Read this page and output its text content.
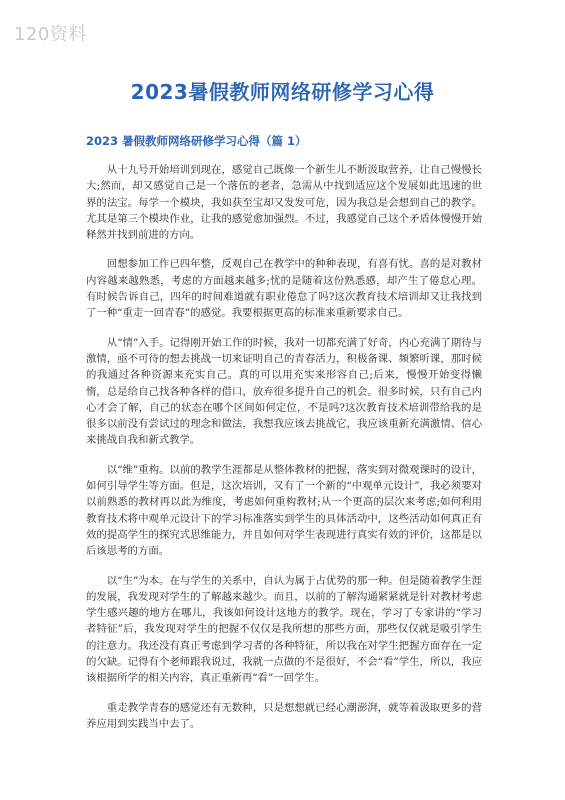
120资料
2023暑假教师网络研修学习心得
2023 暑假教师网络研修学习心得（篇 1）

从十九号开始培训到现在，感觉自己既像一个新生儿不断汲取营养，让自己慢慢长大;然而，却又感觉自己是一个落伍的老者，急需从中找到适应这个发展如此迅速的世界的法宝。每学一个模块，我如获至宝却又发发可危，因为我总是会想到自己的教学。尤其是第三个模块作业，让我的感觉愈加强烈。不过，我感觉自己这个矛盾体慢慢开始释然并找到前进的方向。

回想参加工作已四年整，反观自己在教学中的种种表现，有喜有忧。喜的是对教材内容越来越熟悉，考虑的方面越来越多;忧的是随着这份熟悉感，却产生了倦怠心理。有时候告诉自己，四年的时间难道就有职业倦怠了吗?这次教育技术培训却又让我找到了一种“重走一回青春”的感觉。我要根据更高的标准来重新要求自己。

从“情”入手。记得刚开始工作的时候，我对一切都充满了好奇，内心充满了期待与激情，亟不可待的想去挑战一切来证明自己的青春活力，积极备课、频繁听课，那时候的我通过各种资源来充实自己。真的可以用充实来形容自己;后来，慢慢开始变得懒惰，总是给自己找各种各样的借口，放弃很多提升自己的机会。很多时候，只有自己内心才会了解，自己的状态在哪个区间如何定位，不是吗?这次教育技术培训带给我的是很多以前没有尝试过的理念和做法，我想我应该去挑战它，我应该重新充满激情、信心来挑战自我和新式教学。

以“维”重构。以前的教学生涯都是从整体教材的把握，落实到对微观课时的设计，如何引导学生等方面。但是，这次培训，又有了一个新的“中观单元设计”，我必须要对以前熟悉的教材再以此为维度，考虑如何重构教材;从一个更高的层次来考虑;如何利用教育技术将中观单元设计下的学习标准落实到学生的具体活动中，这些活动如何真正有效的提高学生的探究式思维能力，并且如何对学生表现进行真实有效的评价，这都是以后该思考的方面。

以“生”为本。在与学生的关系中，自认为属于占优势的那一种。但是随着教学生涯的发展，我发现对学生的了解越来越少。而且，以前的了解沟通紧紧就是针对教材考虑学生感兴趣的地方在哪儿，我该如何设计这地方的教学。现在，学习了专家讲的“学习者特征”后，我发现对学生的把握不仅仅是我所想的那些方面，那些仅仅就是吸引学生的注意力。我还没有真正考虑到学习者的各种特征，所以我在对学生把握方面存在一定的欠缺。记得有个老师跟我说过，我就一点做的不是很好，不会“看”学生，所以，我应该根据所学的相关内容，真正重新再“看”一回学生。

重走教学青春的感觉还有无数种，只是想想就已经心潮澎湃，就等着汲取更多的营养应用到实践当中去了。
